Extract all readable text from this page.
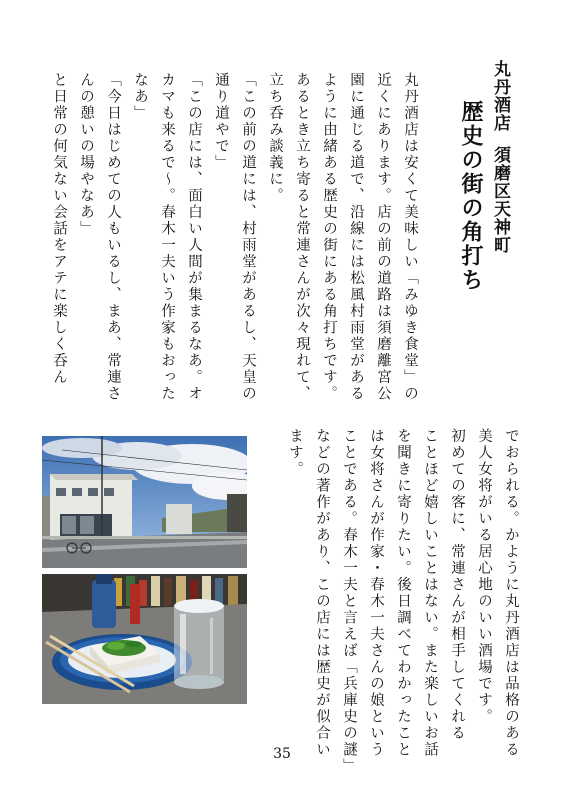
丸丹酒店須磨区天神町
歴史の街の角打ち

丸丹酒店は安くて美味しい「みゆき食堂」の

近くにあります。店の前の道路は須磨離宮公

園に通じる道で、沿線には松風村雨堂がある

ように由緒ある歴史の街にある角打ちです。

あるとき立ち寄ると常連さんが次々現れて、

立ち呑み談義に。

「この前の道には、村雨堂があるし、天皇の

通り道やで」

「この店には、面白い人間が集まるなあ。オ

カマも来るで〜。春木一夫いう作家もおった

なあ」

「今日はじめての人もいるし、まあ、常連さ

んの憩いの場やなあ」

と日常の何気ない会話をアテに楽しく呑ん

でおられる。かように丸丹酒店は品格のある

美人女将がいる居心地のいい酒場です。

初めての客に、常連さんが相手してくれる

ことほど嬉しいことはない。また楽しいお話

を聞きに寄りたい。後日調べてわかったこと

は女将さんが作家・春木一夫さんの娘という

ことである。春木一夫と言えば「兵庫史の謎」

などの著作があり、この店には歴史が似合い

ます。

35
